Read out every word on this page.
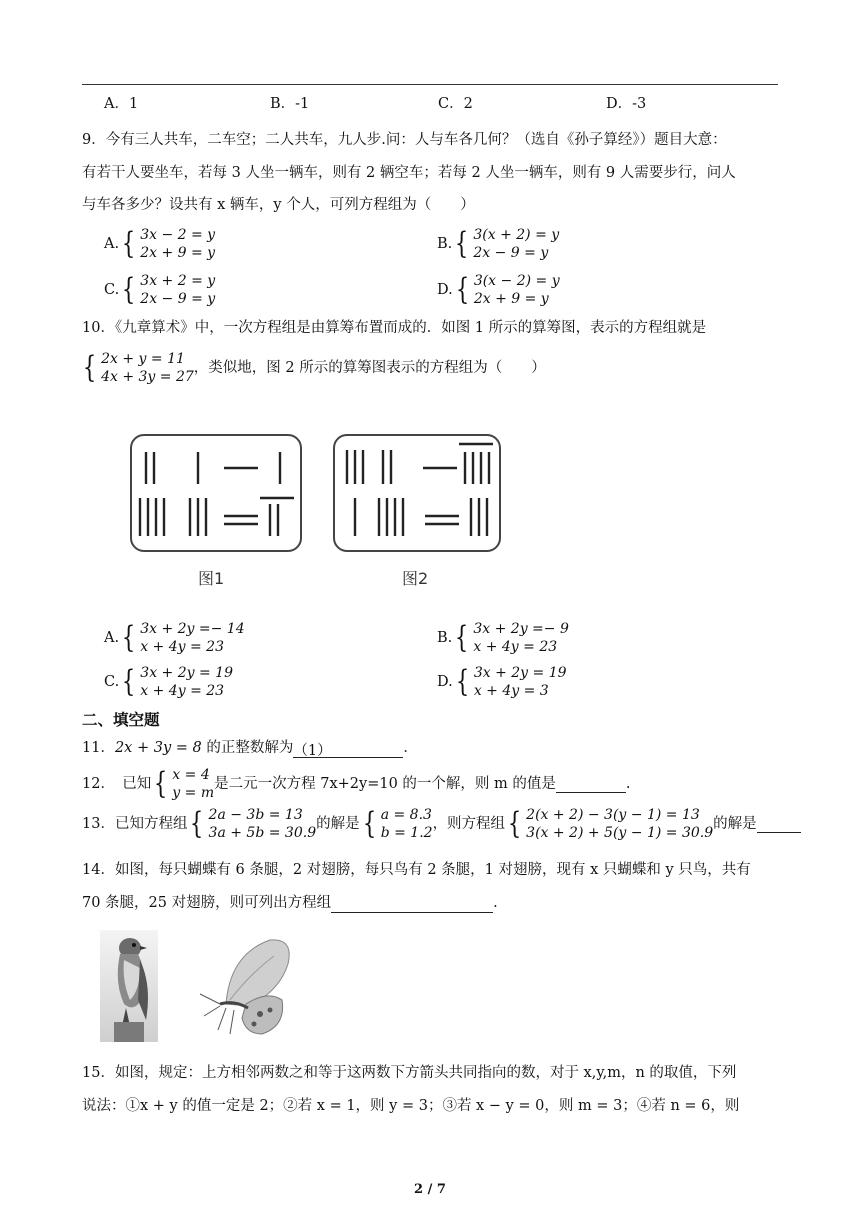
A．1	B．-1	C．2	D．-3
9．今有三人共车，二车空；二人共车，九人步.问：人与车各几何？（选自《孙子算经》）题目大意：
有若干人要坐车，若每 3 人坐一辆车，则有 2 辆空车；若每 2 人坐一辆车，则有 9 人需要步行，问人
与车各多少？设共有 x 辆车，y 个人，可列方程组为（　　）
A. { 3x − 2 = y
2x + 9 = y
B. { 3(x + 2) = y
2x − 9 = y
C. { 3x + 2 = y
2x − 9 = y
D. { 3(x − 2) = y
2x + 9 = y
10．《九章算术》中，一次方程组是由算筹布置而成的．如图 1 所示的算筹图，表示的方程组就是
{ 2x + y = 11
4x + 3y = 27
，类似地，图 2 所示的算筹图表示的方程组为（　　）
图1	图2
A. { 3x + 2y =− 14
x + 4y = 23
B. { 3x + 2y =− 9
x + 4y = 23
C. { 3x + 2y = 19
x + 4y = 23
D. { 3x + 2y = 19
x + 4y = 3
二、填空题
11．2x + 3y = 8 的正整数解为（1）	．
12．　已知 { x = 4
y = m
是二元一次方程 7x+2y=10 的一个解，则 m 的值是	.
13．已知方程组 { 2a − 3b = 13
3a + 5b = 30.9
的解是 { a = 8.3
b = 1.2
，则方程组 { 2(x + 2) − 3(y − 1) = 13
3(x + 2) + 5(y − 1) = 30.9
的解是
14．如图，每只蝴蝶有 6 条腿，2 对翅膀，每只鸟有 2 条腿，1 对翅膀，现有 x 只蝴蝶和 y 只鸟，共有
70 条腿，25 对翅膀，则可列出方程组	.
15．如图，规定：上方相邻两数之和等于这两数下方箭头共同指向的数，对于 x,y,m，n 的取值，下列
说法：①x + y 的值一定是 2；②若 x = 1，则 y = 3；③若 x − y = 0，则 m = 3；④若 n = 6，则
2 / 7
